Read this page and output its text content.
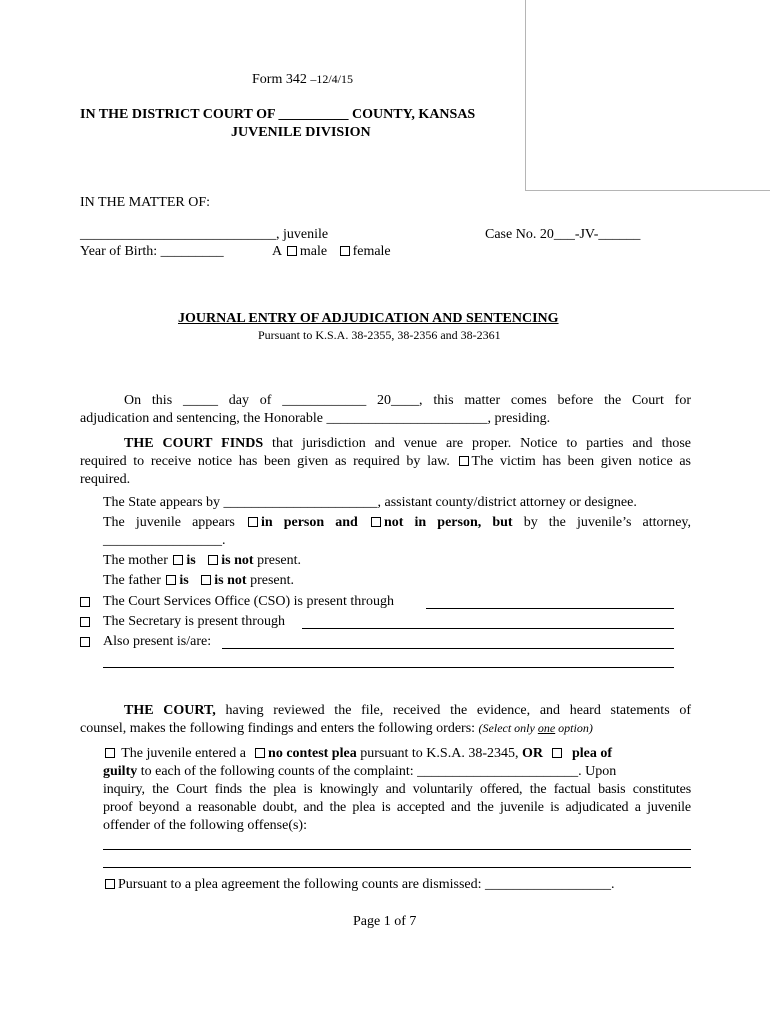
Form 342 –12/4/15
IN THE DISTRICT COURT OF __________ COUNTY, KANSAS
JUVENILE DIVISION
IN THE MATTER OF:
____________________________, juvenile	Case No. 20___-JV-______
Year of Birth: _________	A male female
JOURNAL ENTRY OF ADJUDICATION AND SENTENCING
Pursuant to K.S.A. 38-2355, 38-2356 and 38-2361
On this _____ day of ____________ 20____, this matter comes before the Court for
adjudication and sentencing, the Honorable _______________________, presiding.
THE COURT FINDS that jurisdiction and venue are proper. Notice to parties and those
required to receive notice has been given as required by law. The victim has been given notice as
required.
The State appears by ______________________, assistant county/district attorney or designee.
The juvenile appears in person and not in person, but by the juvenile’s attorney,
_________________.
The mother is is not present.
The father is is not present.
The Court Services Office (CSO) is present through
The Secretary is present through
Also present is/are:
THE COURT, having reviewed the file, received the evidence, and heard statements of
counsel, makes the following findings and enters the following orders: (Select only one option)
The juvenile entered a no contest plea pursuant to K.S.A. 38-2345, OR plea of
guilty to each of the following counts of the complaint: _______________________. Upon
inquiry, the Court finds the plea is knowingly and voluntarily offered, the factual basis constitutes
proof beyond a reasonable doubt, and the plea is accepted and the juvenile is adjudicated a juvenile
offender of the following offense(s):
Pursuant to a plea agreement the following counts are dismissed: __________________.
Page 1 of 7
